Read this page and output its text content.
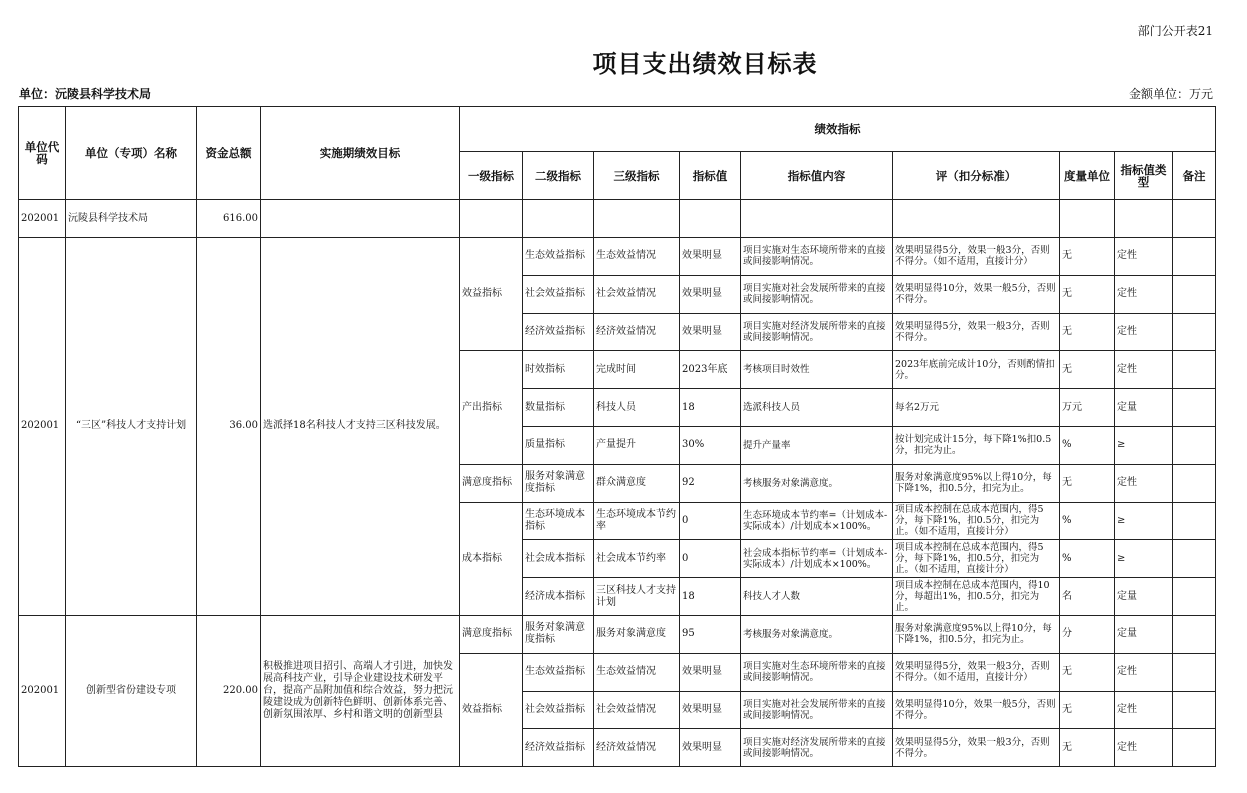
部门公开表21
项目支出绩效目标表
单位：沅陵县科学技术局	金额单位：万元
单位代码	单位（专项）名称	资金总额	实施期绩效目标	绩效指标								
				一级指标	二级指标	三级指标	指标值	指标值内容	评（扣分标准）	度量单位	指标值类型	备注
202001	沅陵县科学技术局	616.00										
202001	“三区”科技人才支持计划	36.00	选派择18名科技人才支持三区科技发展。	效益指标	生态效益指标	生态效益情况	效果明显	项目实施对生态环境所带来的直接或间接影响情况。	效果明显得5分，效果一般3分，否则不得分。（如不适用，直接计分）	无	定性	
					社会效益指标	社会效益情况	效果明显	项目实施对社会发展所带来的直接或间接影响情况。	效果明显得10分，效果一般5分，否则不得分。	无	定性	
					经济效益指标	经济效益情况	效果明显	项目实施对经济发展所带来的直接或间接影响情况。	效果明显得5分，效果一般3分，否则不得分。	无	定性	
				产出指标	时效指标	完成时间	2023年底	考核项目时效性	2023年底前完成计10分，否则酌情扣分。	无	定性	
					数量指标	科技人员	18	选派科技人员	每名2万元	万元	定量	
					质量指标	产量提升	30%	提升产量率	按计划完成计15分，每下降1%扣0.5分，扣完为止。	%	≥	
				满意度指标	服务对象满意度指标	群众满意度	92	考核服务对象满意度。	服务对象满意度95%以上得10分，每下降1%，扣0.5分，扣完为止。	无	定性	
				成本指标	生态环境成本指标	生态环境成本节约率	0	生态环境成本节约率=（计划成本-实际成本）/计划成本×100%。	项目成本控制在总成本范围内，得5分，每下降1%，扣0.5分，扣完为止。（如不适用，直接计分）	%	≥	
					社会成本指标	社会成本节约率	0	社会成本指标节约率=（计划成本-实际成本）/计划成本×100%。	项目成本控制在总成本范围内，得5分，每下降1%，扣0.5分，扣完为止。（如不适用，直接计分）	%	≥	
					经济成本指标	三区科技人才支持计划	18	科技人才人数	项目成本控制在总成本范围内，得10分，每超出1%，扣0.5分，扣完为止。	名	定量	
202001	创新型省份建设专项	220.00	积极推进项目招引、高端人才引进，加快发展高科技产业，引导企业建设技术研发平台，提高产品附加值和综合效益，努力把沅陵建设成为创新特色鲜明、创新体系完善、创新氛围浓厚、乡村和谐文明的创新型县	满意度指标	服务对象满意度指标	服务对象满意度	95	考核服务对象满意度。	服务对象满意度95%以上得10分，每下降1%，扣0.5分，扣完为止。	分	定量	
				效益指标	生态效益指标	生态效益情况	效果明显	项目实施对生态环境所带来的直接或间接影响情况。	效果明显得5分，效果一般3分，否则不得分。（如不适用，直接计分）	无	定性	
					社会效益指标	社会效益情况	效果明显	项目实施对社会发展所带来的直接或间接影响情况。	效果明显得10分，效果一般5分，否则不得分。	无	定性	
					经济效益指标	经济效益情况	效果明显	项目实施对经济发展所带来的直接或间接影响情况。	效果明显得5分，效果一般3分，否则不得分。	无	定性	
